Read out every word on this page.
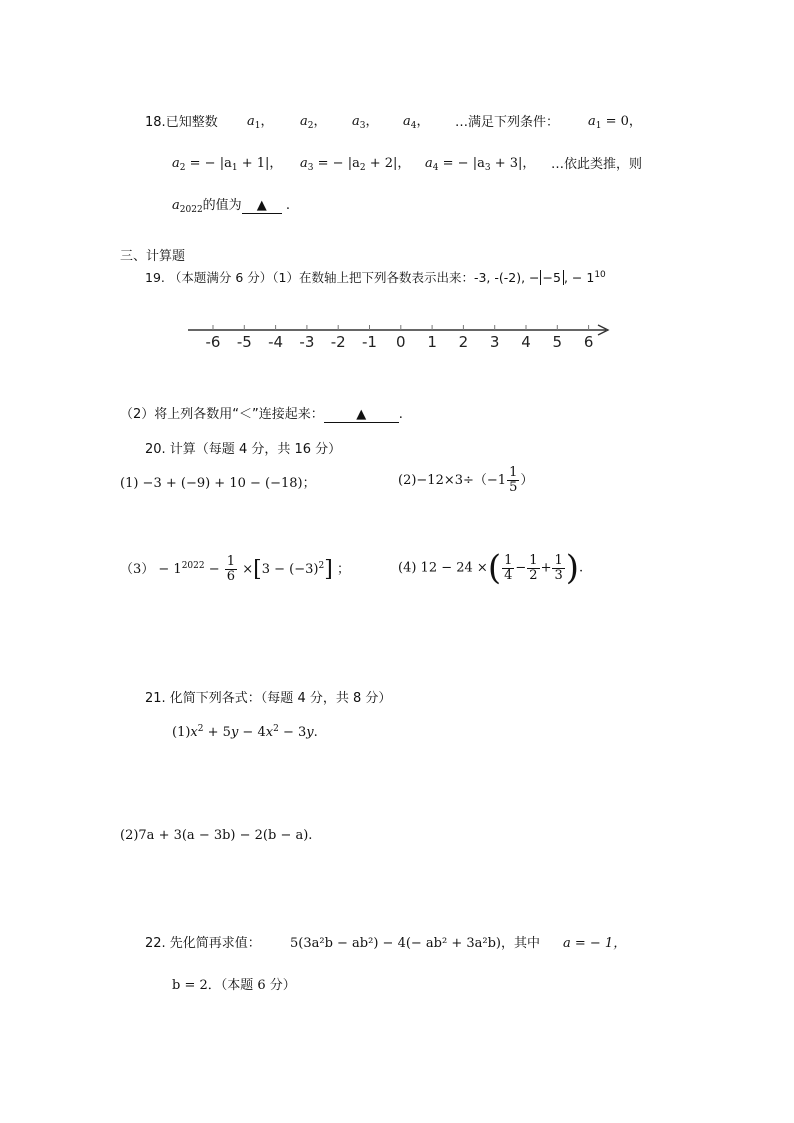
18.已知整数 $a_1$， $a_2$， $a_3$， $a_4$， …满足下列条件： $a_1 = 0$，
$a_2$ = − $|a_1 + 1|$， $a_3$ = − $|a_2 + 2|$， $a_4$ = − $|a_3 + 3|$， …依此类推，则
$a_{2022}$的值为 ▲ .
三、计算题
19. （本题满分 6 分）（1）在数轴上把下列各数表示出来：-3, -(-2), − −5 , − $1^{10}$
-6 -5 -4 -3 -2 -1 0 1 2 3 4 5 6
（2）将上列各数用“＜”连接起来：	▲	.
20. 计算（每题 4 分，共 16 分）
(1) −3 + (−9) + 10 − (−18)；	$(2)-12\times 3\div(-1 \frac{1}{5}$ ）
$(3) - 1^{2022} - \frac{1}{6} \times[3 - (-3)^2]$ ；	(4) 12 − 24 ×( $\frac{1}{4} - \frac{1}{2} + \frac{1}{3}$ ).
21. 化简下列各式：（每题 4 分，共 8 分）
$(1)x^2 + 5y - 4x^2 - 3y$.
(2)7a + 3(a − 3b) − 2(b − a).
22. 先化简再求值： 5(3a²b − ab²) − 4(− ab² + 3a²b)，其中 a = − 1，
b = 2．（本题 6 分）
